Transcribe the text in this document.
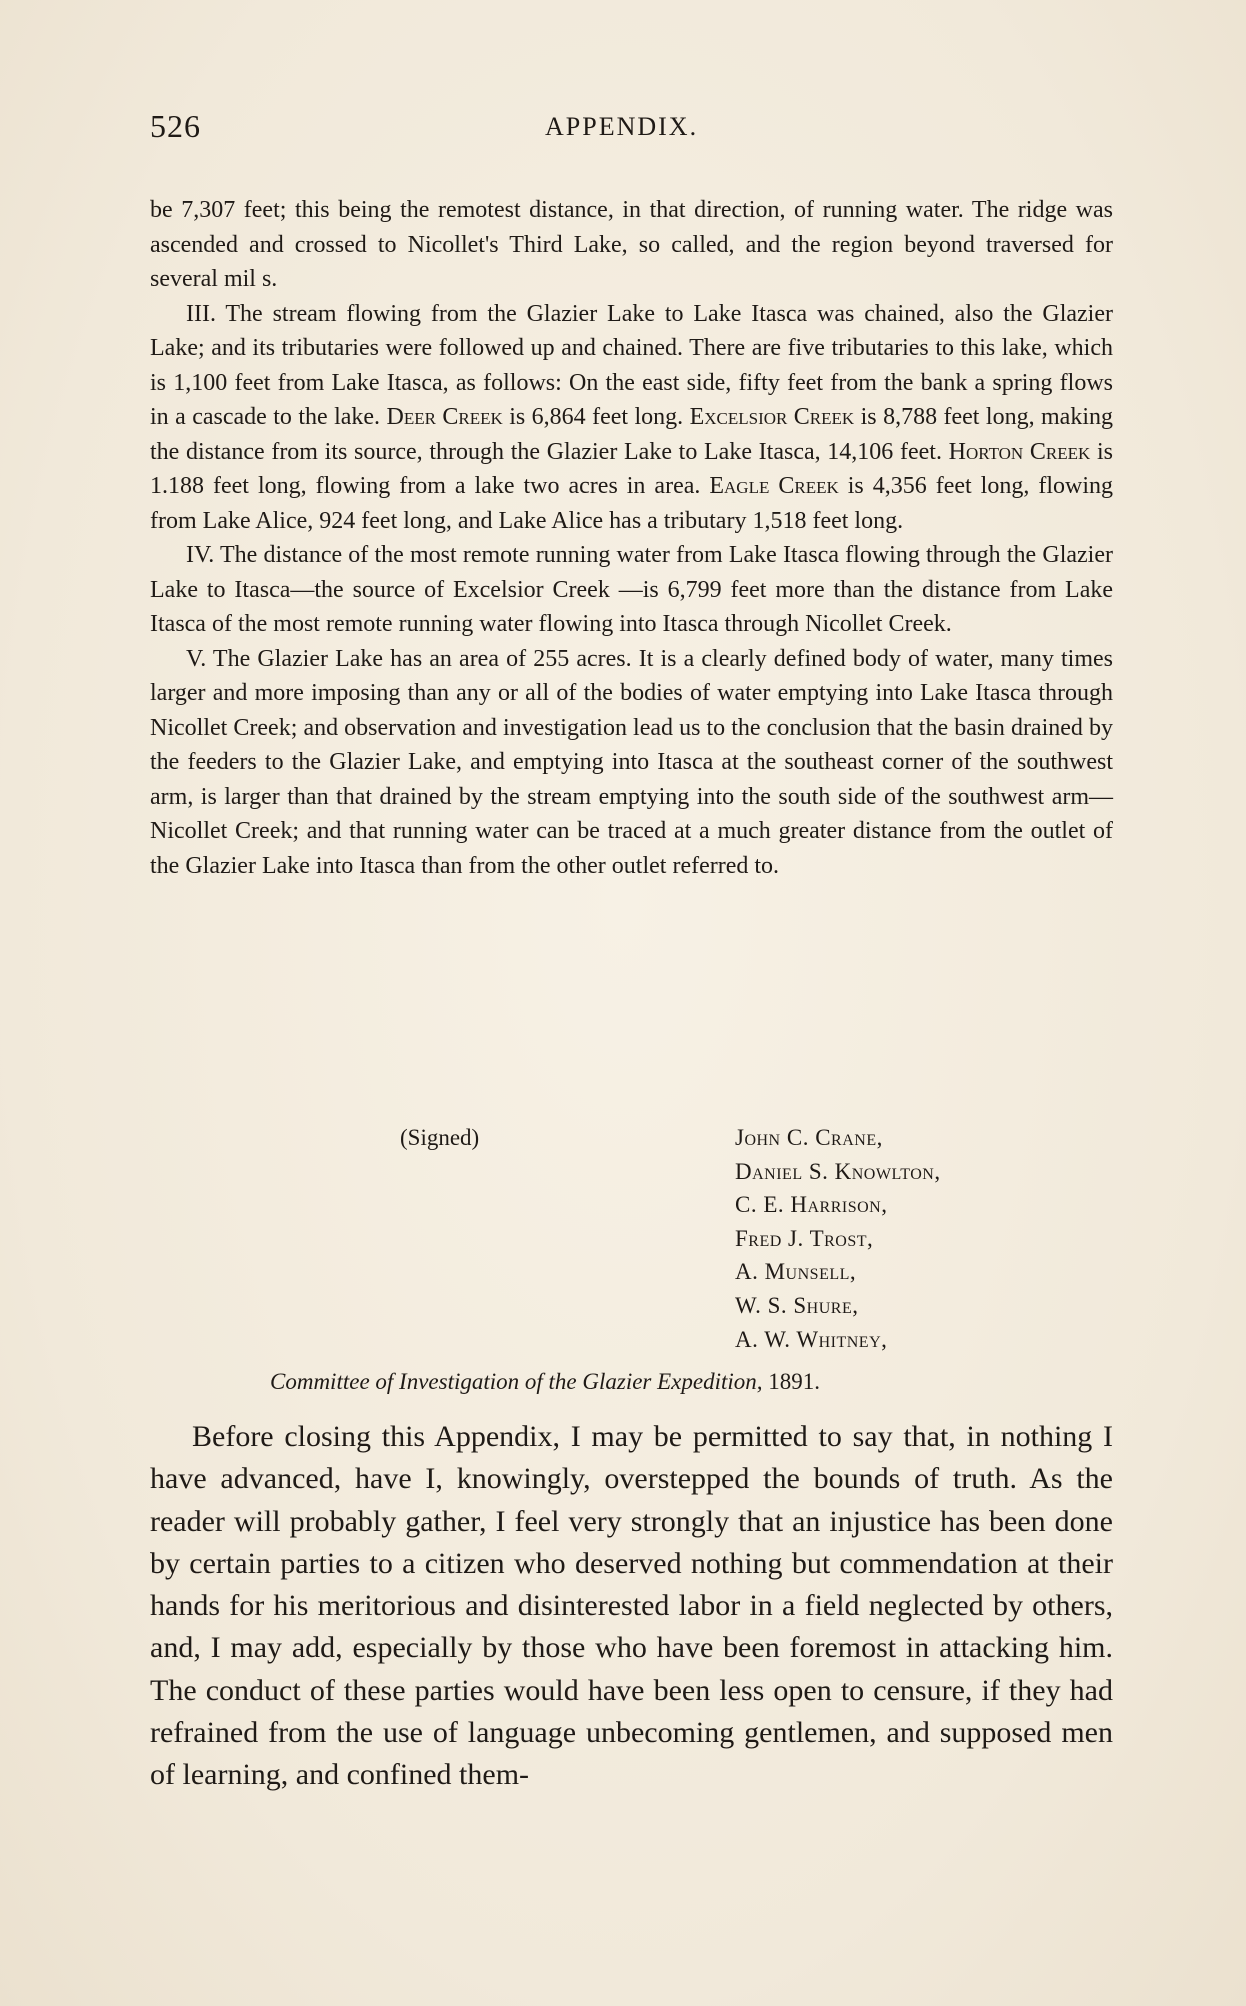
526	APPENDIX.

be 7,307 feet; this being the remotest distance, in that direction, of running water. The ridge was ascended and crossed to Nicollet's Third Lake, so called, and the region beyond traversed for several mil s.

III. The stream flowing from the Glazier Lake to Lake Itasca was chained, also the Glazier Lake; and its tributaries were followed up and chained. There are five tributaries to this lake, which is 1,100 feet from Lake Itasca, as follows: On the east side, fifty feet from the bank a spring flows in a cascade to the lake. Deer Creek is 6,864 feet long. Excelsior Creek is 8,788 feet long, making the distance from its source, through the Glazier Lake to Lake Itasca, 14,106 feet. Horton Creek is 1.188 feet long, flowing from a lake two acres in area. Eagle Creek is 4,356 feet long, flowing from Lake Alice, 924 feet long, and Lake Alice has a tributary 1,518 feet long.

IV. The distance of the most remote running water from Lake Itasca flowing through the Glazier Lake to Itasca—the source of Excelsior Creek —is 6,799 feet more than the distance from Lake Itasca of the most remote running water flowing into Itasca through Nicollet Creek.

V. The Glazier Lake has an area of 255 acres. It is a clearly defined body of water, many times larger and more imposing than any or all of the bodies of water emptying into Lake Itasca through Nicollet Creek; and observation and investigation lead us to the conclusion that the basin drained by the feeders to the Glazier Lake, and emptying into Itasca at the southeast corner of the southwest arm, is larger than that drained by the stream emptying into the south side of the southwest arm—Nicollet Creek; and that running water can be traced at a much greater distance from the outlet of the Glazier Lake into Itasca than from the other outlet referred to.

(Signed)	John C. Crane,
Daniel S. Knowlton,
C. E. Harrison,
Fred J. Trost,
A. Munsell,
W. S. Shure,
A. W. Whitney,
Committee of Investigation of the Glazier Expedition, 1891.

Before closing this Appendix, I may be permitted to say that, in nothing I have advanced, have I, knowingly, overstepped the bounds of truth. As the reader will probably gather, I feel very strongly that an injustice has been done by certain parties to a citizen who deserved nothing but commendation at their hands for his meritorious and disinterested labor in a field neglected by others, and, I may add, especially by those who have been foremost in attacking him. The conduct of these parties would have been less open to censure, if they had refrained from the use of language unbecoming gentlemen, and supposed men of learning, and confined them-
